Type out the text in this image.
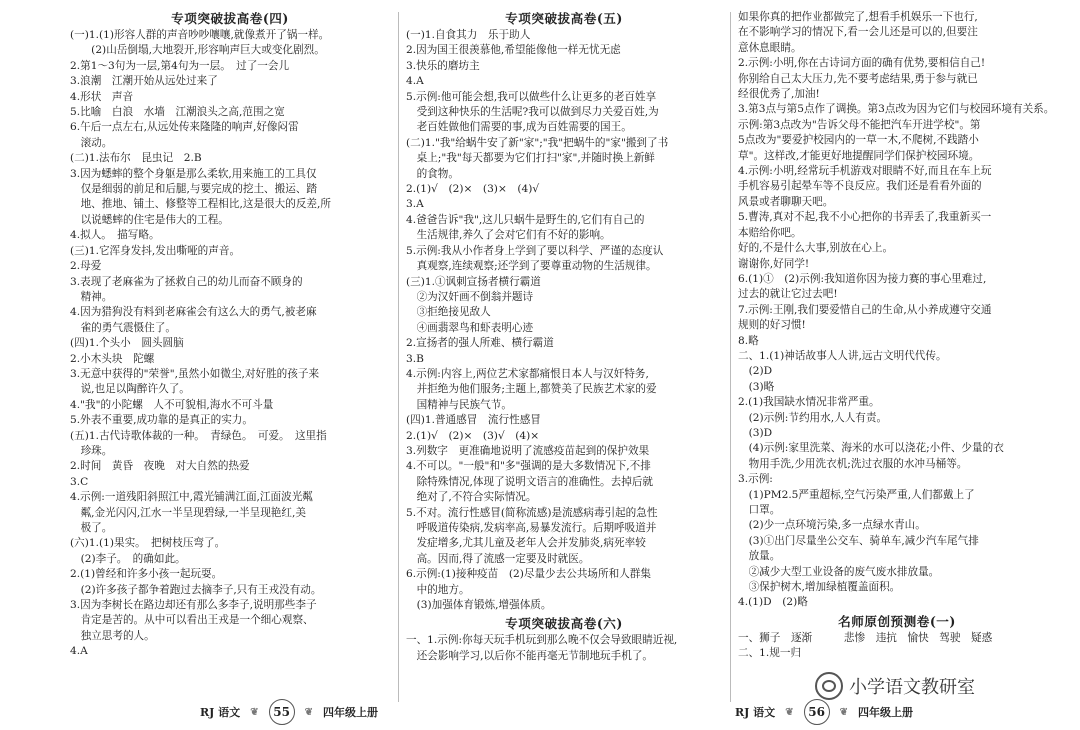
专项突破拔高卷(四)
(一)1.(1)形容人群的声音吵吵嚷嚷,就像煮开了锅一样。
　　(2)山岳倒塌,大地裂开,形容响声巨大或变化剧烈。
2.第1～3句为一层,第4句为一层。　过了一会儿
3.浪潮　江潮开始从远处过来了
4.形状　声音
5.比喻　白浪　水墙　江潮浪头之高,范围之宽
6.午后一点左右,从远处传来隆隆的响声,好像闷雷
　滚动。
(二)1.法布尔　昆虫记　2.B
3.因为蟋蟀的整个身躯是那么柔软,用来施工的工具仅
　仅是细弱的前足和后腿,与要完成的挖土、搬运、踏
　地、推地、铺土、修整等工程相比,这是很大的反差,所
　以说蟋蟀的住宅是伟大的工程。
4.拟人。　描写略。
(三)1.它浑身发抖,发出嘶哑的声音。
2.母爱
3.表现了老麻雀为了拯救自己的幼儿而奋不顾身的
　精神。
4.因为猎狗没有料到老麻雀会有这么大的勇气,被老麻
　雀的勇气震慑住了。
(四)1.个头小　圆头圆脑
2.小木头块　陀螺
3.无意中获得的"荣誉",虽然小如微尘,对好胜的孩子来
　说,也足以陶醉许久了。
4."我"的小陀螺　人不可貌相,海水不可斗量
5.外表不重要,成功靠的是真正的实力。
(五)1.古代诗歌体裁的一种。　青绿色。　可爱。　这里指
　珍珠。
2.时间　黄昏　夜晚　对大自然的热爱
3.C
4.示例:一道残阳斜照江中,霞光铺满江面,江面波光粼
　粼,金光闪闪,江水一半呈现碧绿,一半呈现艳红,美
　极了。
(六)1.(1)果实。　把树枝压弯了。
　(2)李子。　的确如此。
2.(1)曾经和许多小孩一起玩耍。
　(2)许多孩子都争着跑过去摘李子,只有王戎没有动。
3.因为李树长在路边却还有那么多李子,说明那些李子
　肯定是苦的。从中可以看出王戎是一个细心观察、
　独立思考的人。
4.A
专项突破拔高卷(五)
(一)1.自食其力　乐于助人
2.因为国王很羡慕他,希望能像他一样无忧无虑
3.快乐的磨坊主
4.A
5.示例:他可能会想,我可以做些什么让更多的老百姓享
　受到这种快乐的生活呢?我可以做到尽力关爱百姓,为
　老百姓做他们需要的事,成为百姓需要的国王。
(二)1."我"给蜗牛安了新"家";"我"把蜗牛的"家"搬到了书
　桌上;"我"每天都要为它们打扫"家",并随时换上新鲜
　的食物。
2.(1)√　(2)×　(3)×　(4)√
3.A
4.爸爸告诉"我",这儿只蜗牛是野生的,它们有自己的
　生活规律,养久了会对它们有不好的影响。
5.示例:我从小作者身上学到了要以科学、严谨的态度认
　真观察,连续观察;还学到了要尊重动物的生活规律。
(三)1.①讽刺宣扬者横行霸道
　②为汉奸画不倒翁并题诗
　③拒绝接见敌人
　④画翡翠鸟和虾表明心迹
2.宣扬者的强人所难、横行霸道
3.B
4.示例:内容上,两位艺术家都痛恨日本人与汉奸特务,
　并拒绝为他们服务;主题上,都赞美了民族艺术家的爱
　国精神与民族气节。
(四)1.普通感冒　流行性感冒
2.(1)√　(2)×　(3)√　(4)×
3.列数字　更准确地说明了流感疫苗起到的保护效果
4.不可以。"一般"和"多"强调的是大多数情况下,不排
　除特殊情况,体现了说明文语言的准确性。去掉后就
　绝对了,不符合实际情况。
5.不对。流行性感冒(简称流感)是流感病毒引起的急性
　呼吸道传染病,发病率高,易暴发流行。后期呼吸道并
　发症增多,尤其儿童及老年人会并发肺炎,病死率较
　高。因而,得了流感一定要及时就医。
6.示例:(1)接种疫苗　(2)尽量少去公共场所和人群集
　中的地方。
　(3)加强体育锻炼,增强体质。
专项突破拔高卷(六)
一、1.示例:你每天玩手机玩到那么晚不仅会导致眼睛近视,
　还会影响学习,以后你不能再毫无节制地玩手机了。
如果你真的把作业都做完了,想看手机娱乐一下也行,
在不影响学习的情况下,看一会儿还是可以的,但要注
意休息眼睛。
2.示例:小明,你在古诗词方面的确有优势,要相信自己!
你别给自己太大压力,先不要考虑结果,勇于参与就已
经很优秀了,加油!
3.第3点与第5点作了调换。第3点改为因为它们与校园环境有关系。
示例:第3点改为"告诉父母不能把汽车开进学校"。第
5点改为"要爱护校园内的一草一木,不爬树,不践踏小
草"。这样改,才能更好地提醒同学们保护校园环境。
4.示例:小明,经常玩手机游戏对眼睛不好,而且在车上玩
手机容易引起晕车等不良反应。我们还是看看外面的
风景或者聊聊天吧。
5.曹涛,真对不起,我不小心把你的书弄丢了,我重新买一
本赔给你吧。
好的,不是什么大事,别放在心上。
谢谢你,好同学!
6.(1)①　(2)示例:我知道你因为接力赛的事心里难过,
过去的就让它过去吧!
7.示例:王刚,我们要爱惜自己的生命,从小养成遵守交通
规则的好习惯!
8.略
二、1.(1)神话故事人人讲,远古文明代代传。
　(2)D
　(3)略
2.(1)我国缺水情况非常严重。
　(2)示例:节约用水,人人有责。
　(3)D
　(4)示例:家里洗菜、海米的水可以浇花;小件、少量的衣
　物用手洗,少用洗衣机;洗过衣服的水冲马桶等。
3.示例:
　(1)PM2.5严重超标,空气污染严重,人们都戴上了
　口罩。
　(2)少一点环境污染,多一点绿水青山。
　(3)①出门尽量坐公交车、骑单车,减少汽车尾气排
　放量。
　②减少大型工业设备的废气废水排放量。
　③保护树木,增加绿植覆盖面积。
4.(1)D　(2)略
名师原创预测卷(一)
一、狮子　逐渐　　　悲惨　违抗　愉快　驾驶　疑惑
二、1.规一归
RJ 语文 ❦	55	❦ 四年级上册	RJ 语文 ❦	56	❦ 四年级上册
小学语文教研室
